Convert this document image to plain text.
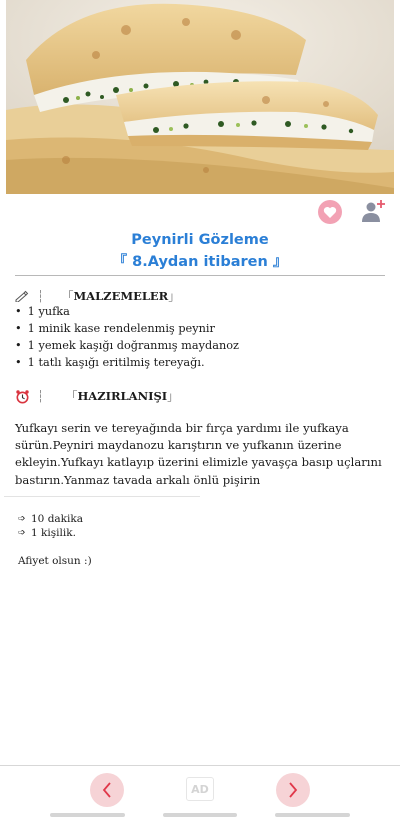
Peynirli Gözleme
『 8.Aydan itibaren 』
┆ 「 MALZEMELER 」
• 1 yufka
• 1 minik kase rendelenmiş peynir
• 1 yemek kaşığı doğranmış maydanoz
• 1 tatlı kaşığı eritilmiş tereyağı.
┆ 「 HAZIRLANIŞI 」

Yufkayı serin ve tereyağında bir fırça yardımı ile yufkaya sürün.Peyniri maydanozu karıştırın ve yufkanın üzerine ekleyin.Yufkayı katlayıp üzerini elimizle yavaşça basıp uçlarını bastırın.Yanmaz tavada arkalı önlü pişirin

➩ 10 dakika
➩ 1 kişilik.
Afiyet olsun :)
AD
